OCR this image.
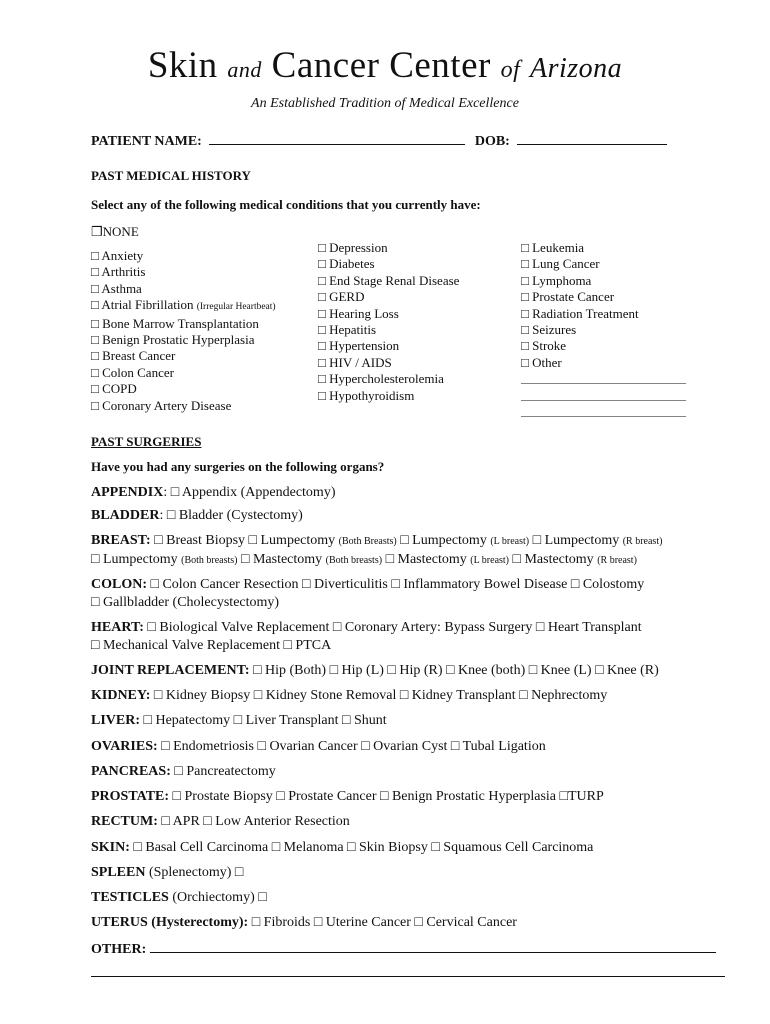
Skin and Cancer Center of Arizona
An Established Tradition of Medical Excellence
PATIENT NAME:	DOB:
PAST MEDICAL HISTORY
Select any of the following medical conditions that you currently have:
❒NONE
□ Anxiety
□ Arthritis
□ Asthma
□ Atrial Fibrillation (Irregular Heartbeat)
□ Bone Marrow Transplantation
□ Benign Prostatic Hyperplasia
□ Breast Cancer
□ Colon Cancer
□ COPD
□ Coronary Artery Disease
□ Depression
□ Diabetes
□ End Stage Renal Disease
□ GERD
□ Hearing Loss
□ Hepatitis
□ Hypertension
□ HIV / AIDS
□ Hypercholesterolemia
□ Hypothyroidism
□ Leukemia
□ Lung Cancer
□ Lymphoma
□ Prostate Cancer
□ Radiation Treatment
□ Seizures
□ Stroke
□ Other
______________________________
______________________________
______________________________
PAST SURGERIES
Have you had any surgeries on the following organs?
APPENDIX: □ Appendix (Appendectomy)
BLADDER: □ Bladder (Cystectomy)
BREAST: □ Breast Biopsy □ Lumpectomy (Both Breasts) □ Lumpectomy (L breast) □ Lumpectomy (R breast)
□ Lumpectomy (Both breasts) □ Mastectomy (Both breasts) □ Mastectomy (L breast) □ Mastectomy (R breast)
COLON: □ Colon Cancer Resection □ Diverticulitis □ Inflammatory Bowel Disease □ Colostomy
□ Gallbladder (Cholecystectomy)
HEART: □ Biological Valve Replacement □ Coronary Artery: Bypass Surgery □ Heart Transplant
□ Mechanical Valve Replacement □ PTCA
JOINT REPLACEMENT: □ Hip (Both) □ Hip (L) □ Hip (R) □ Knee (both) □ Knee (L) □ Knee (R)
KIDNEY: □ Kidney Biopsy □ Kidney Stone Removal □ Kidney Transplant □ Nephrectomy
LIVER: □ Hepatectomy □ Liver Transplant □ Shunt
OVARIES: □ Endometriosis □ Ovarian Cancer □ Ovarian Cyst □ Tubal Ligation
PANCREAS: □ Pancreatectomy
PROSTATE: □ Prostate Biopsy □ Prostate Cancer □ Benign Prostatic Hyperplasia □TURP
RECTUM: □ APR □ Low Anterior Resection
SKIN: □ Basal Cell Carcinoma □ Melanoma □ Skin Biopsy □ Squamous Cell Carcinoma
SPLEEN (Splenectomy) □
TESTICLES (Orchiectomy) □
UTERUS (Hysterectomy): □ Fibroids □ Uterine Cancer □ Cervical Cancer
OTHER:
